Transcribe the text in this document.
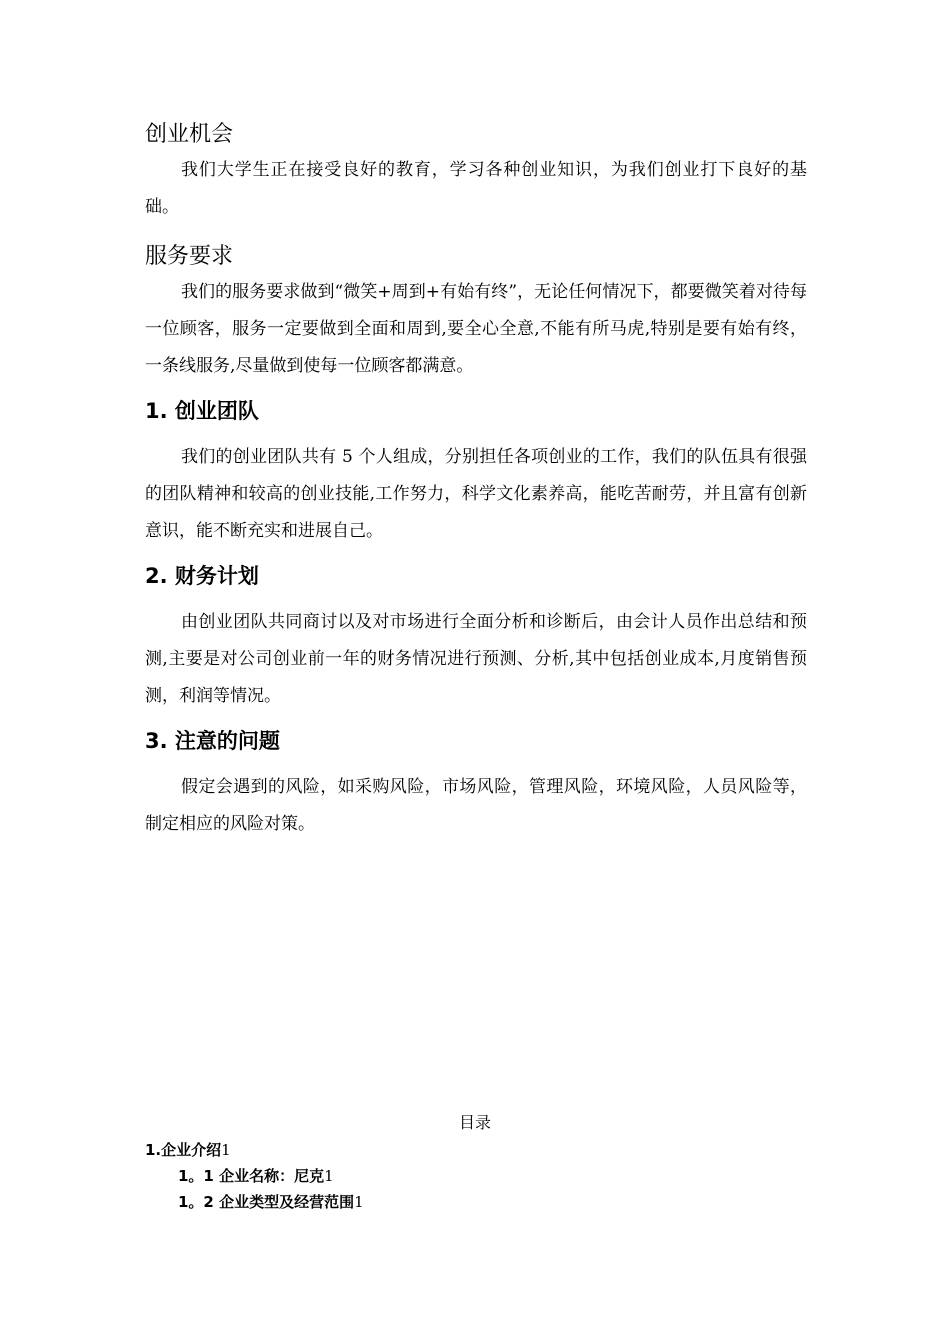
创业机会

我们大学生正在接受良好的教育，学习各种创业知识，为我们创业打下良好的基础。

服务要求

我们的服务要求做到“微笑+周到+有始有终”，无论任何情况下，都要微笑着对待每一位顾客，服务一定要做到全面和周到,要全心全意,不能有所马虎,特别是要有始有终，一条线服务,尽量做到使每一位顾客都满意。

1. 创业团队

我们的创业团队共有 5 个人组成，分别担任各项创业的工作，我们的队伍具有很强的团队精神和较高的创业技能,工作努力，科学文化素养高，能吃苦耐劳，并且富有创新意识，能不断充实和进展自己。

2. 财务计划

由创业团队共同商讨以及对市场进行全面分析和诊断后，由会计人员作出总结和预测,主要是对公司创业前一年的财务情况进行预测、分析,其中包括创业成本,月度销售预测，利润等情况。

3. 注意的问题

假定会遇到的风险，如采购风险，市场风险，管理风险，环境风险，人员风险等，制定相应的风险对策。

目录
1.企业介绍1
1。1 企业名称：尼克1
1。2 企业类型及经营范围1
